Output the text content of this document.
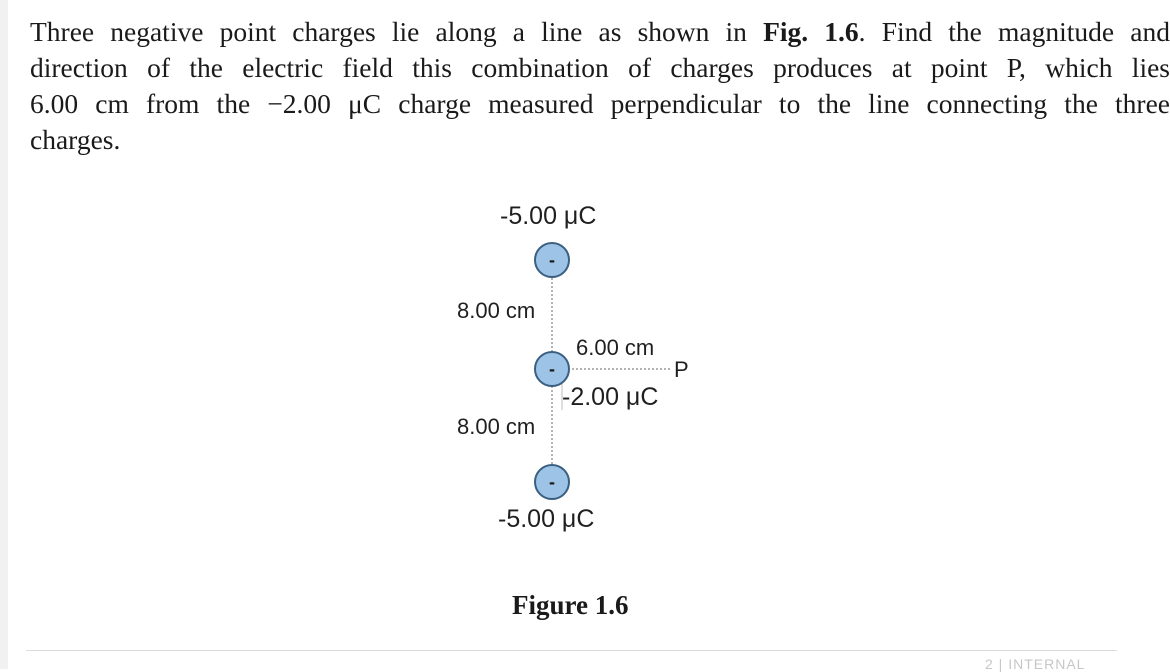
Three negative point charges lie along a line as shown in Fig. 1.6. Find the magnitude and
direction of the electric field this combination of charges produces at point P, which lies
6.00 cm from the −2.00 μC charge measured perpendicular to the line connecting the three
charges.
-
-
-
-5.00 μC
8.00 cm
6.00 cm
P
-2.00 μC
8.00 cm
-5.00 μC
Figure 1.6
2 | INTERNAL
